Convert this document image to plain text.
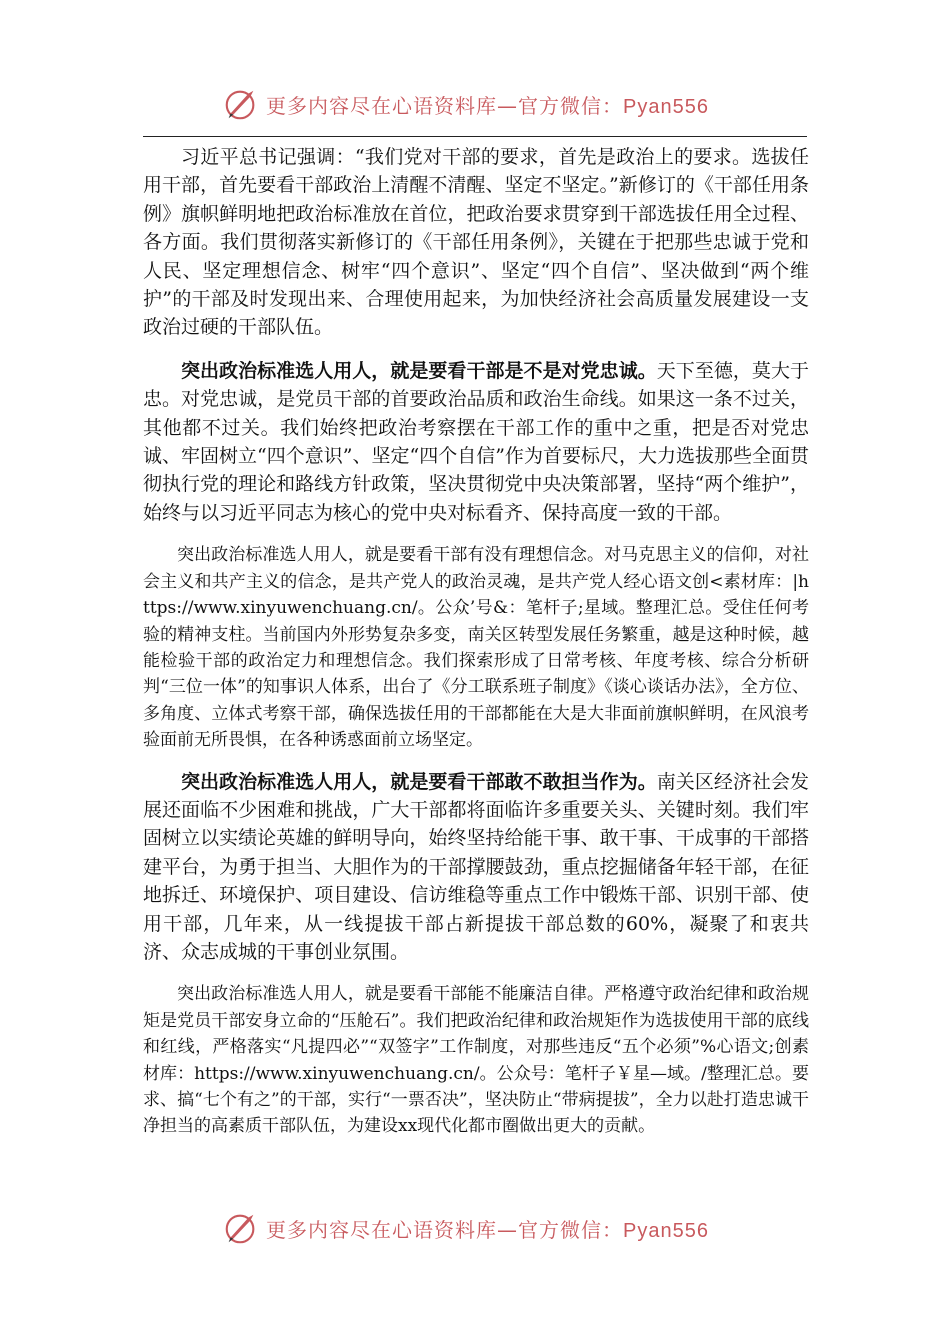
更多内容尽在心语资料库—官方微信：Pyan556

习近平总书记强调：“我们党对干部的要求，首先是政治上的要求。选拔任用干部，首先要看干部政治上清醒不清醒、坚定不坚定。”新修订的《干部任用条例》旗帜鲜明地把政治标准放在首位，把政治要求贯穿到干部选拔任用全过程、各方面。我们贯彻落实新修订的《干部任用条例》，关键在于把那些忠诚于党和人民、坚定理想信念、树牢“四个意识”、坚定“四个自信”、坚决做到“两个维护”的干部及时发现出来、合理使用起来，为加快经济社会高质量发展建设一支政治过硬的干部队伍。

突出政治标准选人用人，就是要看干部是不是对党忠诚。天下至德，莫大于忠。对党忠诚，是党员干部的首要政治品质和政治生命线。如果这一条不过关，其他都不过关。我们始终把政治考察摆在干部工作的重中之重，把是否对党忠诚、牢固树立“四个意识”、坚定“四个自信”作为首要标尺，大力选拔那些全面贯彻执行党的理论和路线方针政策，坚决贯彻党中央决策部署，坚持“两个维护”，始终与以习近平同志为核心的党中央对标看齐、保持高度一致的干部。

突出政治标准选人用人，就是要看干部有没有理想信念。对马克思主义的信仰，对社会主义和共产主义的信念，是共产党人的政治灵魂，是共产党人经心语文创<素材库：|https://www.xinyuwenchuang.cn/。公众’号&：笔杆子;星域。整理汇总。受住任何考验的精神支柱。当前国内外形势复杂多变，南关区转型发展任务繁重，越是这种时候，越能检验干部的政治定力和理想信念。我们探索形成了日常考核、年度考核、综合分析研判“三位一体”的知事识人体系，出台了《分工联系班子制度》《谈心谈话办法》，全方位、多角度、立体式考察干部，确保选拔任用的干部都能在大是大非面前旗帜鲜明，在风浪考验面前无所畏惧，在各种诱惑面前立场坚定。

突出政治标准选人用人，就是要看干部敢不敢担当作为。南关区经济社会发展还面临不少困难和挑战，广大干部都将面临许多重要关头、关键时刻。我们牢固树立以实绩论英雄的鲜明导向，始终坚持给能干事、敢干事、干成事的干部搭建平台，为勇于担当、大胆作为的干部撑腰鼓劲，重点挖掘储备年轻干部，在征地拆迁、环境保护、项目建设、信访维稳等重点工作中锻炼干部、识别干部、使用干部，几年来，从一线提拔干部占新提拔干部总数的60%，凝聚了和衷共济、众志成城的干事创业氛围。

突出政治标准选人用人，就是要看干部能不能廉洁自律。严格遵守政治纪律和政治规矩是党员干部安身立命的“压舱石”。我们把政治纪律和政治规矩作为选拔使用干部的底线和红线，严格落实“凡提四必”“双签字”工作制度，对那些违反“五个必须”%心语文;创素材库：https://www.xinyuwenchuang.cn/。公众号：笔杆子￥星—域。/整理汇总。要求、搞“七个有之”的干部，实行“一票否决”，坚决防止“带病提拔”，全力以赴打造忠诚干净担当的高素质干部队伍，为建设xx现代化都市圈做出更大的贡献。

更多内容尽在心语资料库—官方微信：Pyan556
